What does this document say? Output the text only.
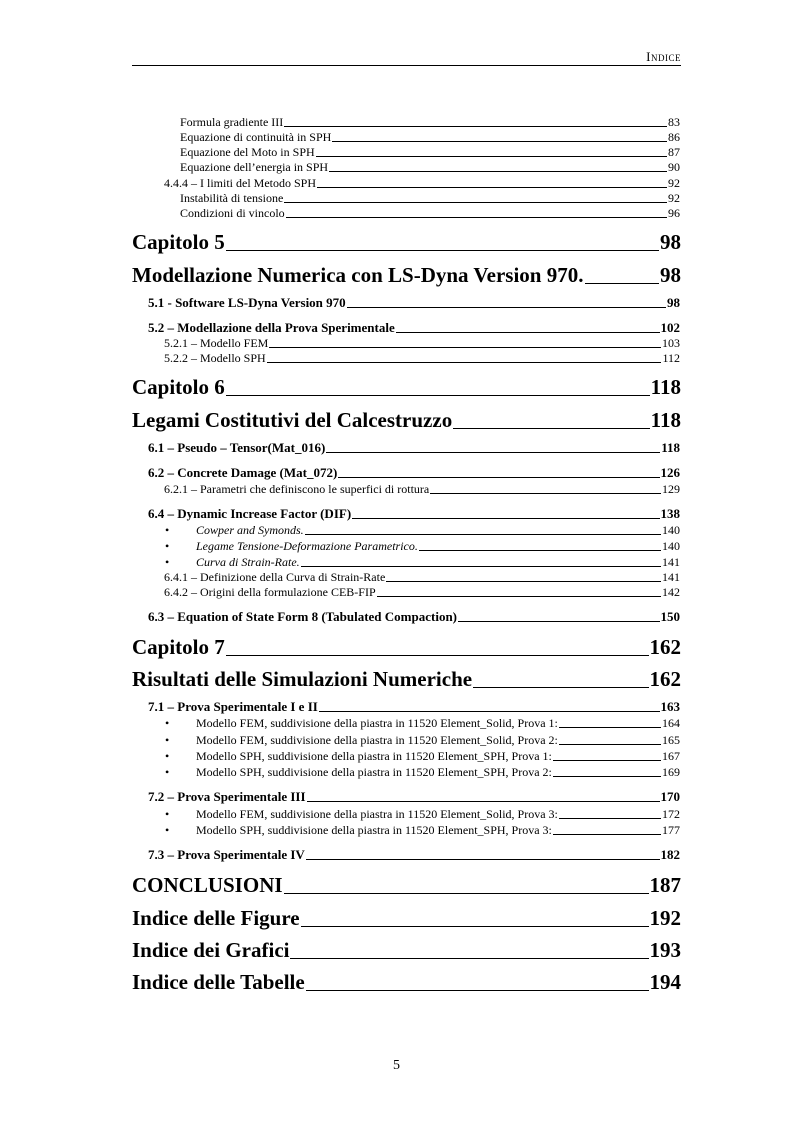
Indice
Formula gradiente III	83
Equazione di continuità in SPH	86
Equazione del Moto in SPH	87
Equazione dell’energia in SPH	90
4.4.4 – I limiti del Metodo SPH	92
Instabilità di tensione	92
Condizioni di vincolo	96
Capitolo 5	98
Modellazione Numerica con LS-Dyna Version 970.	98
5.1 - Software LS-Dyna Version 970	98
5.2 – Modellazione della Prova Sperimentale	102
5.2.1 – Modello FEM	103
5.2.2 – Modello SPH	112
Capitolo 6	118
Legami Costitutivi del Calcestruzzo	118
6.1 – Pseudo – Tensor(Mat_016)	118
6.2 – Concrete Damage (Mat_072)	126
6.2.1 – Parametri che definiscono le superfici di rottura	129
6.4 – Dynamic Increase Factor (DIF)	138
• Cowper and Symonds.	140
• Legame Tensione-Deformazione Parametrico.	140
• Curva di Strain-Rate.	141
6.4.1 – Definizione della Curva di Strain-Rate	141
6.4.2 – Origini della formulazione CEB-FIP	142
6.3 – Equation of State Form 8 (Tabulated Compaction)	150
Capitolo 7	162
Risultati delle Simulazioni Numeriche	162
7.1 – Prova Sperimentale I e II	163
• Modello FEM, suddivisione della piastra in 11520 Element_Solid, Prova 1:	164
• Modello FEM, suddivisione della piastra in 11520 Element_Solid, Prova 2:	165
• Modello SPH, suddivisione della piastra in 11520 Element_SPH, Prova 1:	167
• Modello SPH, suddivisione della piastra in 11520 Element_SPH, Prova 2:	169
7.2 – Prova Sperimentale III	170
• Modello FEM, suddivisione della piastra in 11520 Element_Solid, Prova 3:	172
• Modello SPH, suddivisione della piastra in 11520 Element_SPH, Prova 3:	177
7.3 – Prova Sperimentale IV	182
CONCLUSIONI	187
Indice delle Figure	192
Indice dei Grafici	193
Indice delle Tabelle	194
5
